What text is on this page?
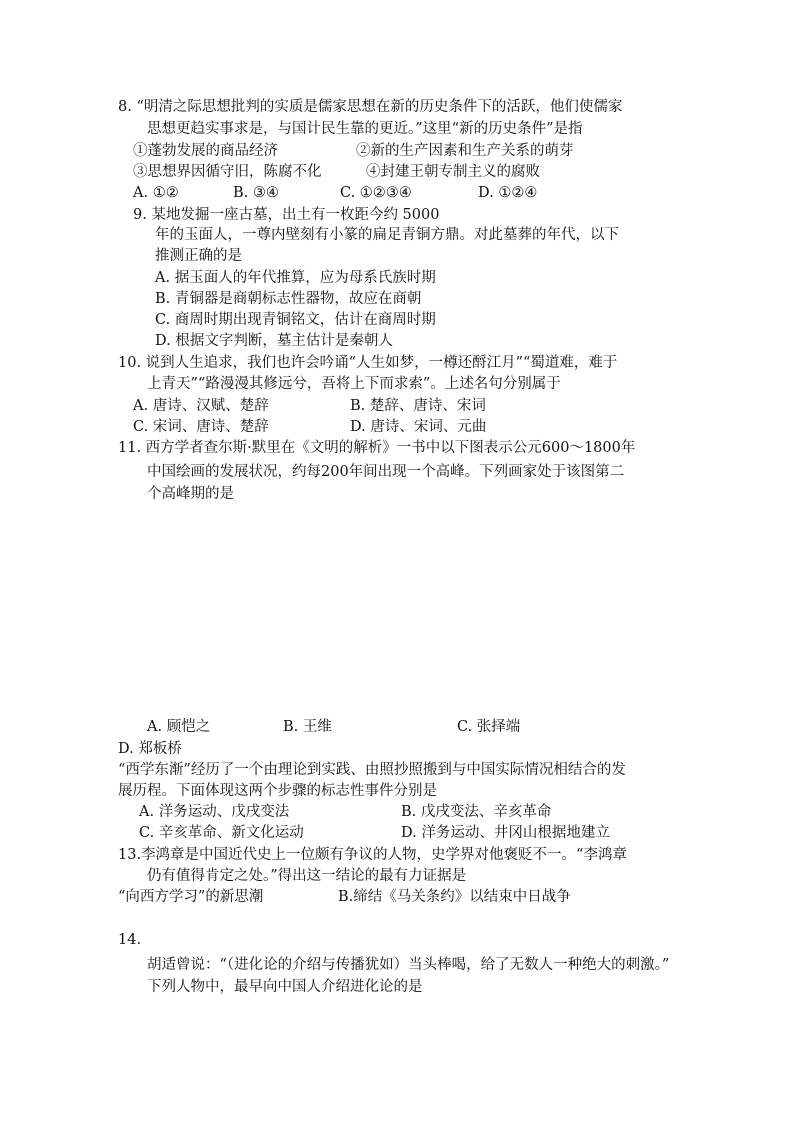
8. “明清之际思想批判的实质是儒家思想在新的历史条件下的活跃，他们使儒家
思想更趋实事求是，与国计民生靠的更近。”这里“新的历史条件”是指
①蓬勃发展的商品经济	②新的生产因素和生产关系的萌芽
③思想界因循守旧，陈腐不化	④封建王朝专制主义的腐败
A. ①②	B. ③④	C. ①②③④	D. ①②④
9. 某地发掘一座古墓，出土有一枚距今约 5000
年的玉面人，一尊内壁刻有小篆的扁足青铜方鼎。对此墓葬的年代，以下
推测正确的是
A. 据玉面人的年代推算，应为母系氏族时期
B. 青铜器是商朝标志性器物，故应在商朝
C. 商周时期出现青铜铭文，估计在商周时期
D. 根据文字判断，墓主估计是秦朝人
10. 说到人生追求，我们也许会吟诵“人生如梦，一樽还酹江月”“蜀道难，难于
上青天”“路漫漫其修远兮，吾将上下而求索”。上述名句分别属于
A. 唐诗、汉赋、楚辞	B. 楚辞、唐诗、宋词
C. 宋词、唐诗、楚辞	D. 唐诗、宋词、元曲
11. 西方学者查尔斯·默里在《文明的解析》一书中以下图表示公元600～1800年
中国绘画的发展状况，约每200年间出现一个高峰。下列画家处于该图第二
个高峰期的是
A. 顾恺之	B. 王维	C. 张择端
D. 郑板桥
“西学东渐”经历了一个由理论到实践、由照抄照搬到与中国实际情况相结合的发
展历程。下面体现这两个步骤的标志性事件分别是
A. 洋务运动、戊戌变法	B. 戊戌变法、辛亥革命
C. 辛亥革命、新文化运动	D. 洋务运动、井冈山根据地建立
13.李鸿章是中国近代史上一位颇有争议的人物，史学界对他褒贬不一。“李鸿章
仍有值得肯定之处。”得出这一结论的最有力证据是
“向西方学习”的新思潮	B.缔结《马关条约》以结束中日战争
14.
胡适曾说：“（进化论的介绍与传播犹如）当头棒喝，给了无数人一种绝大的刺激。”
下列人物中，最早向中国人介绍进化论的是
